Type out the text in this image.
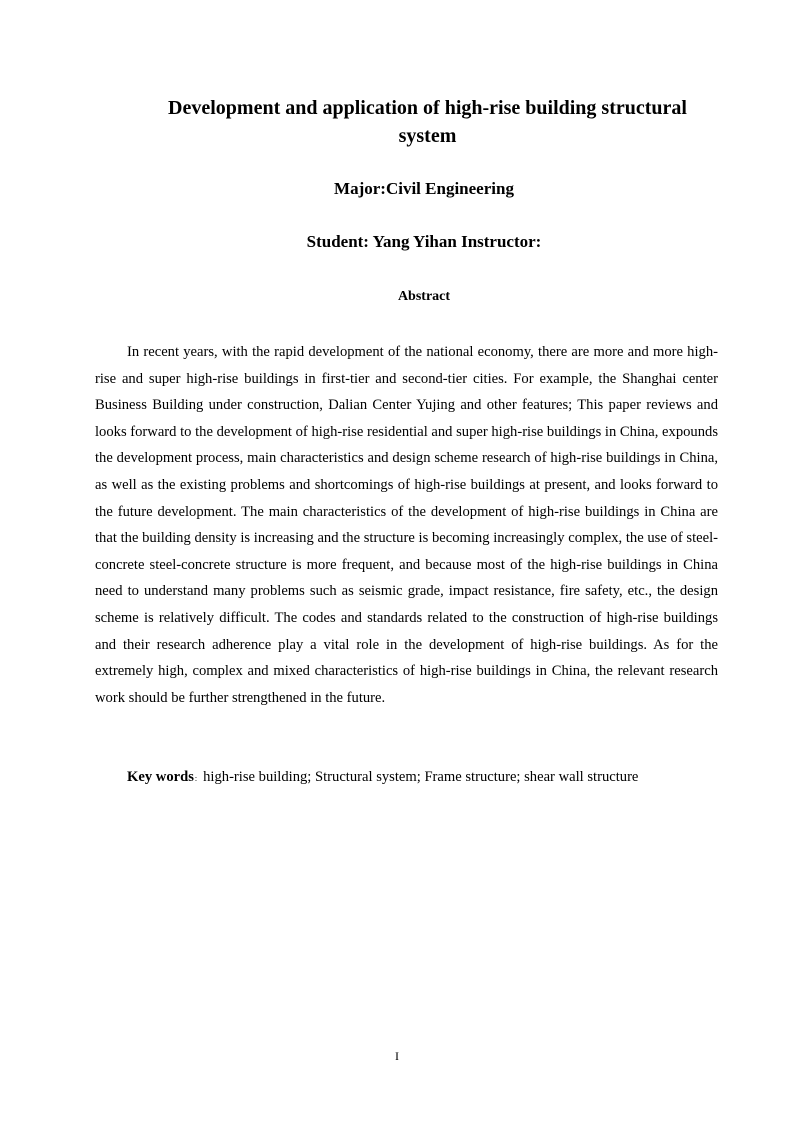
Development and application of high-rise building structural system

Major:Civil Engineering

Student: Yang Yihan Instructor:

Abstract

In recent years, with the rapid development of the national economy, there are more and more high-rise and super high-rise buildings in first-tier and second-tier cities. For example, the Shanghai center Business Building under construction, Dalian Center Yujing and other features; This paper reviews and looks forward to the development of high-rise residential and super high-rise buildings in China, expounds the development process, main characteristics and design scheme research of high-rise buildings in China, as well as the existing problems and shortcomings of high-rise buildings at present, and looks forward to the future development. The main characteristics of the development of high-rise buildings in China are that the building density is increasing and the structure is becoming increasingly complex, the use of steel-concrete steel-concrete structure is more frequent, and because most of the high-rise buildings in China need to understand many problems such as seismic grade, impact resistance, fire safety, etc., the design scheme is relatively difficult. The codes and standards related to the construction of high-rise buildings and their research adherence play a vital role in the development of high-rise buildings. As for the extremely high, complex and mixed characteristics of high-rise buildings in China, the relevant research work should be further strengthened in the future.

Key words: high-rise building; Structural system; Frame structure; shear wall structure

I
